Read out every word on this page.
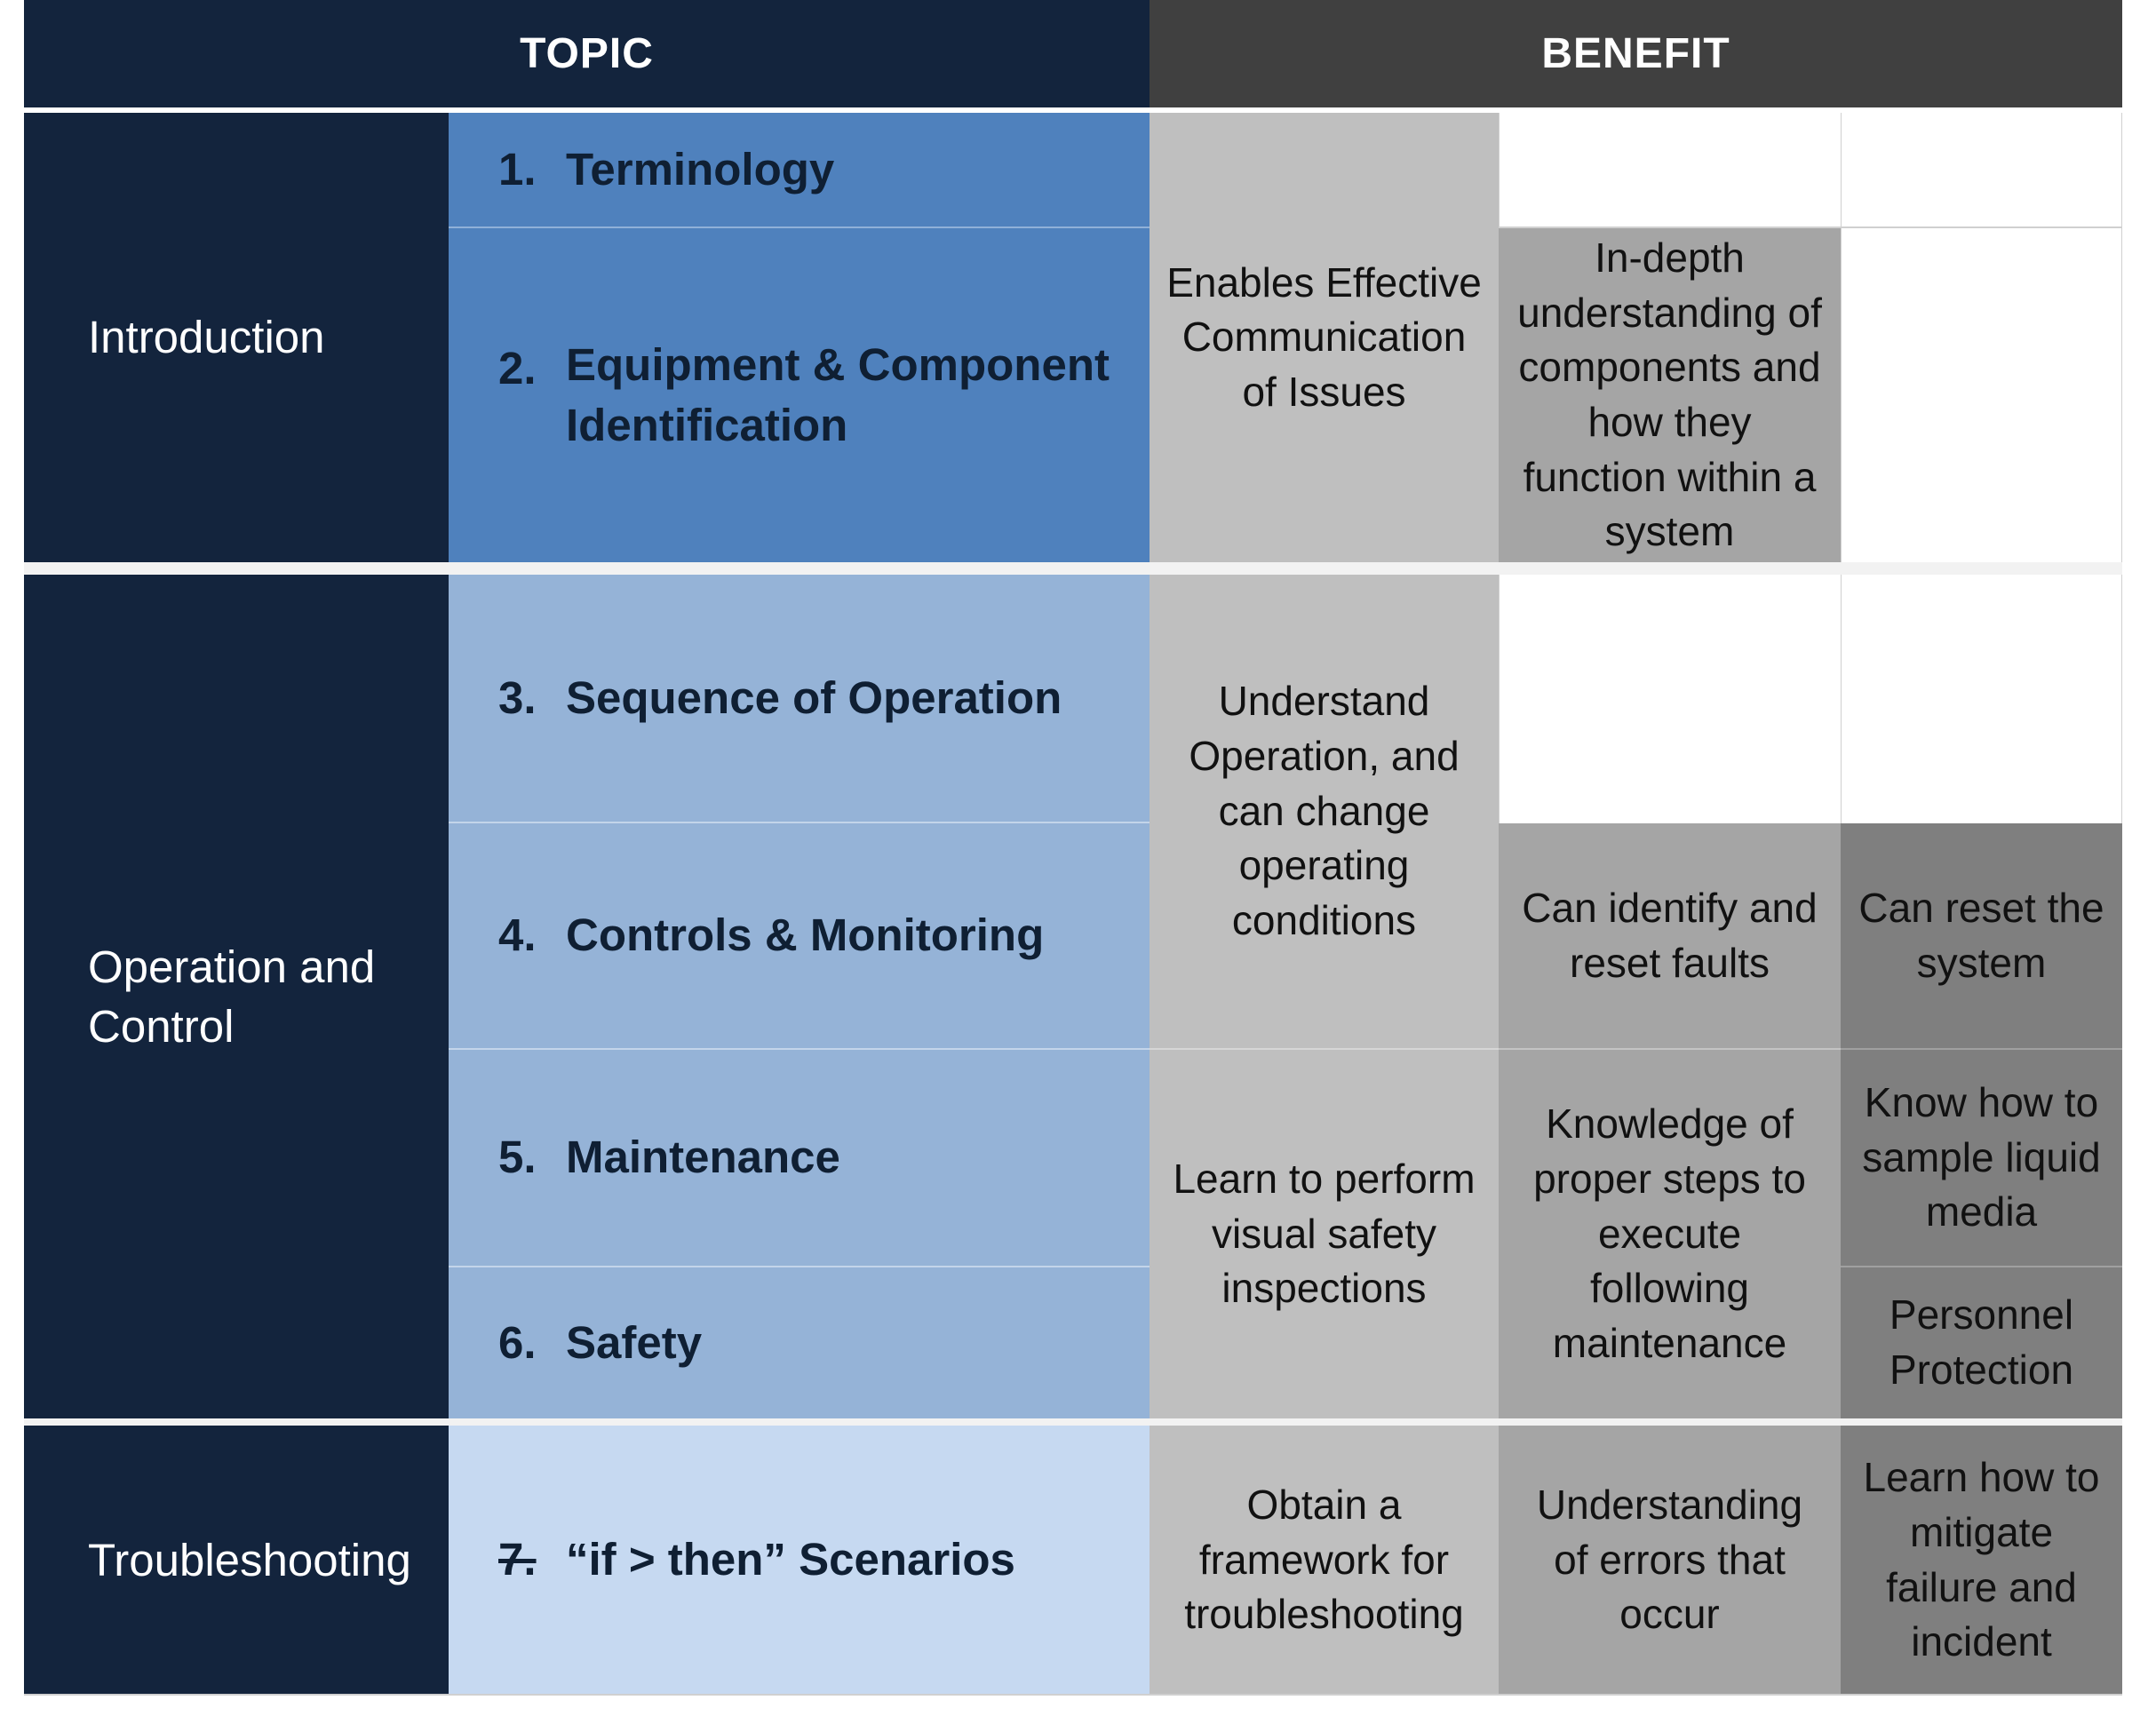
TOPIC	BENEFIT
Introduction
Operation and Control
Troubleshooting
1. Terminology
2. Equipment & Component Identification
3. Sequence of Operation
4. Controls & Monitoring
5. Maintenance
6. Safety
7. “if > then” Scenarios
Enables Effective Communication of Issues
Understand Operation, and can change operating conditions
Learn to perform visual safety inspections
Obtain a framework for troubleshooting
In-depth understanding of components and how they function within a system
Can identify and reset faults
Knowledge of proper steps to execute following maintenance
Understanding of errors that occur
Can reset the system
Know how to sample liquid media
Personnel Protection
Learn how to mitigate failure and incident
